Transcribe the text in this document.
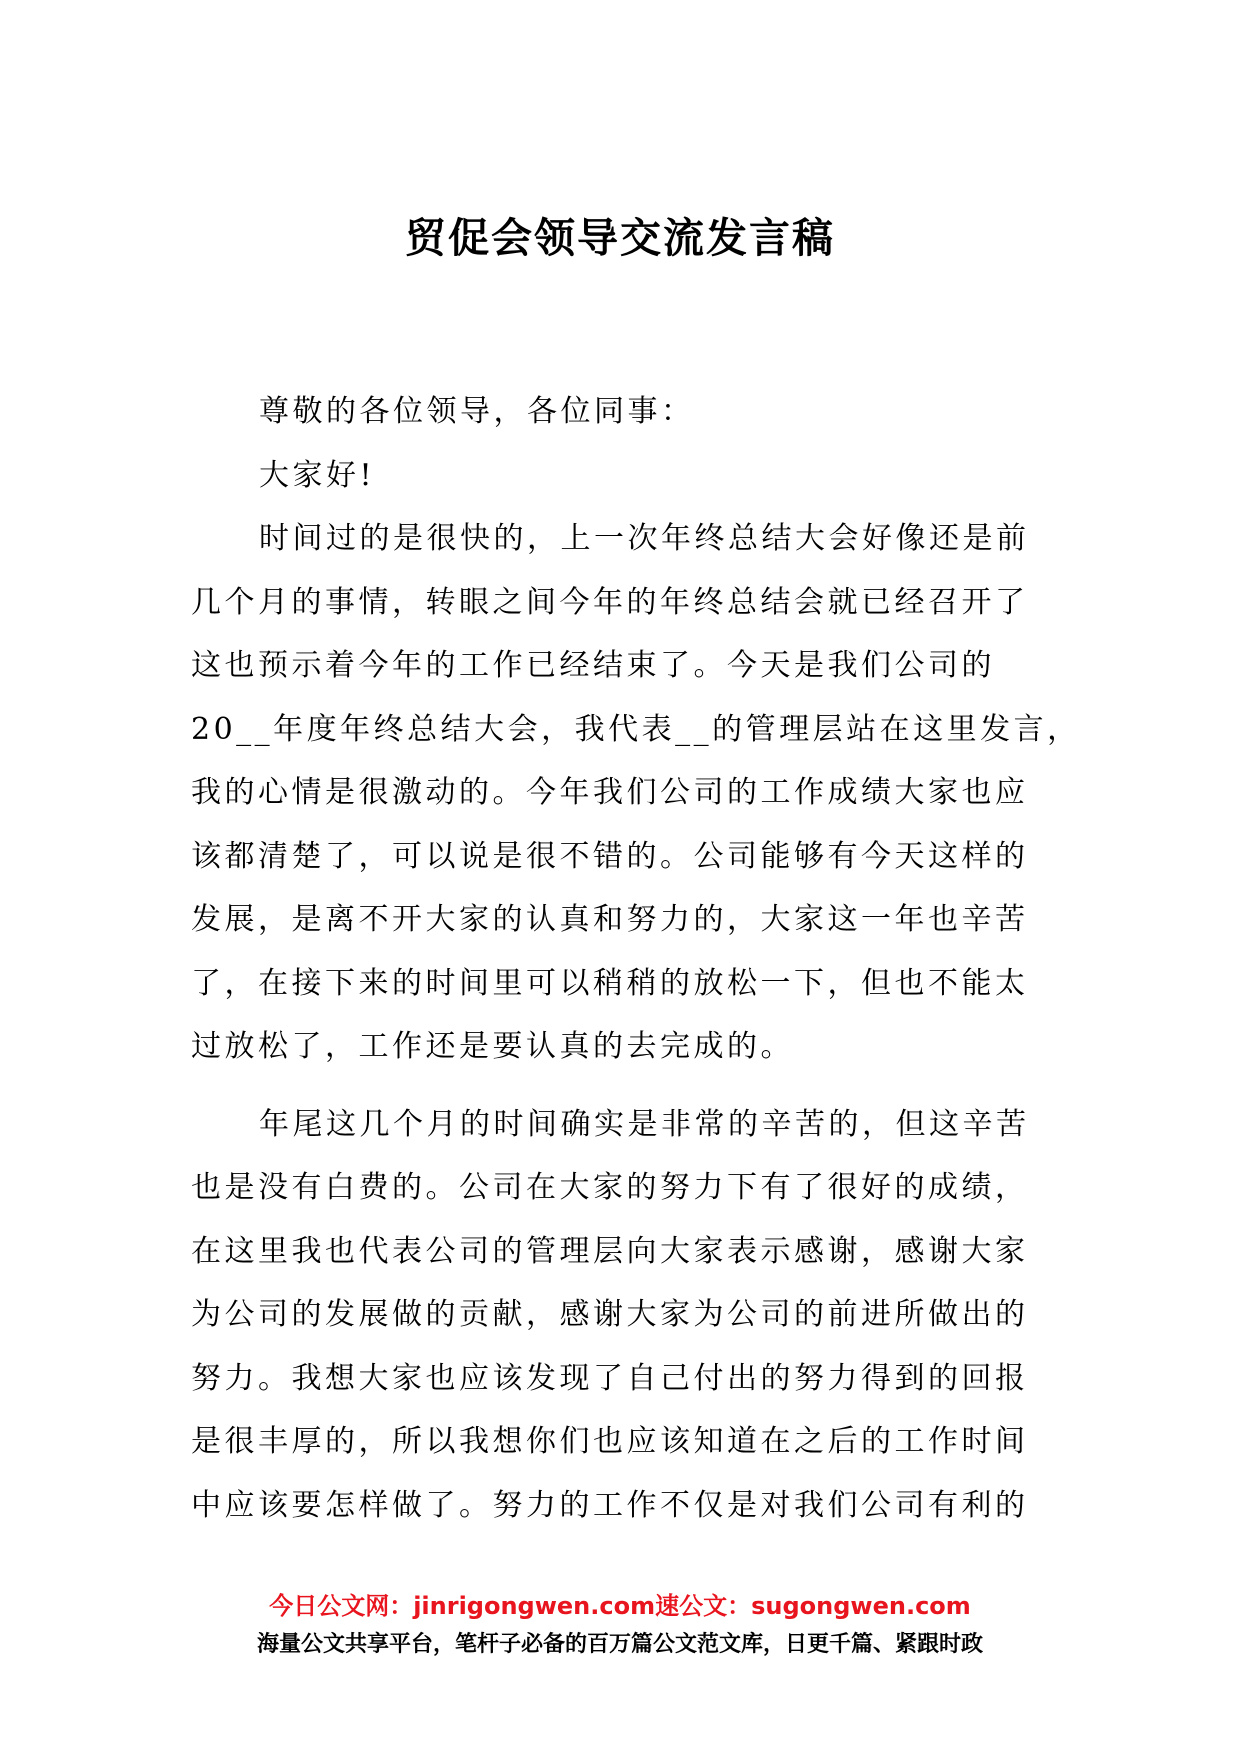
贸促会领导交流发言稿
尊敬的各位领导，各位同事：
大家好!
时间过的是很快的，上一次年终总结大会好像还是前
几个月的事情，转眼之间今年的年终总结会就已经召开了
这也预示着今年的工作已经结束了。今天是我们公司的
20__年度年终总结大会，我代表__的管理层站在这里发言，
我的心情是很激动的。今年我们公司的工作成绩大家也应
该都清楚了，可以说是很不错的。公司能够有今天这样的
发展，是离不开大家的认真和努力的，大家这一年也辛苦
了，在接下来的时间里可以稍稍的放松一下，但也不能太
过放松了，工作还是要认真的去完成的。
年尾这几个月的时间确实是非常的辛苦的，但这辛苦
也是没有白费的。公司在大家的努力下有了很好的成绩，
在这里我也代表公司的管理层向大家表示感谢，感谢大家
为公司的发展做的贡献，感谢大家为公司的前进所做出的
努力。我想大家也应该发现了自己付出的努力得到的回报
是很丰厚的，所以我想你们也应该知道在之后的工作时间
中应该要怎样做了。努力的工作不仅是对我们公司有利的
今日公文网：jinrigongwen.com速公文：sugongwen.com
海量公文共享平台，笔杆子必备的百万篇公文范文库，日更千篇、紧跟时政
